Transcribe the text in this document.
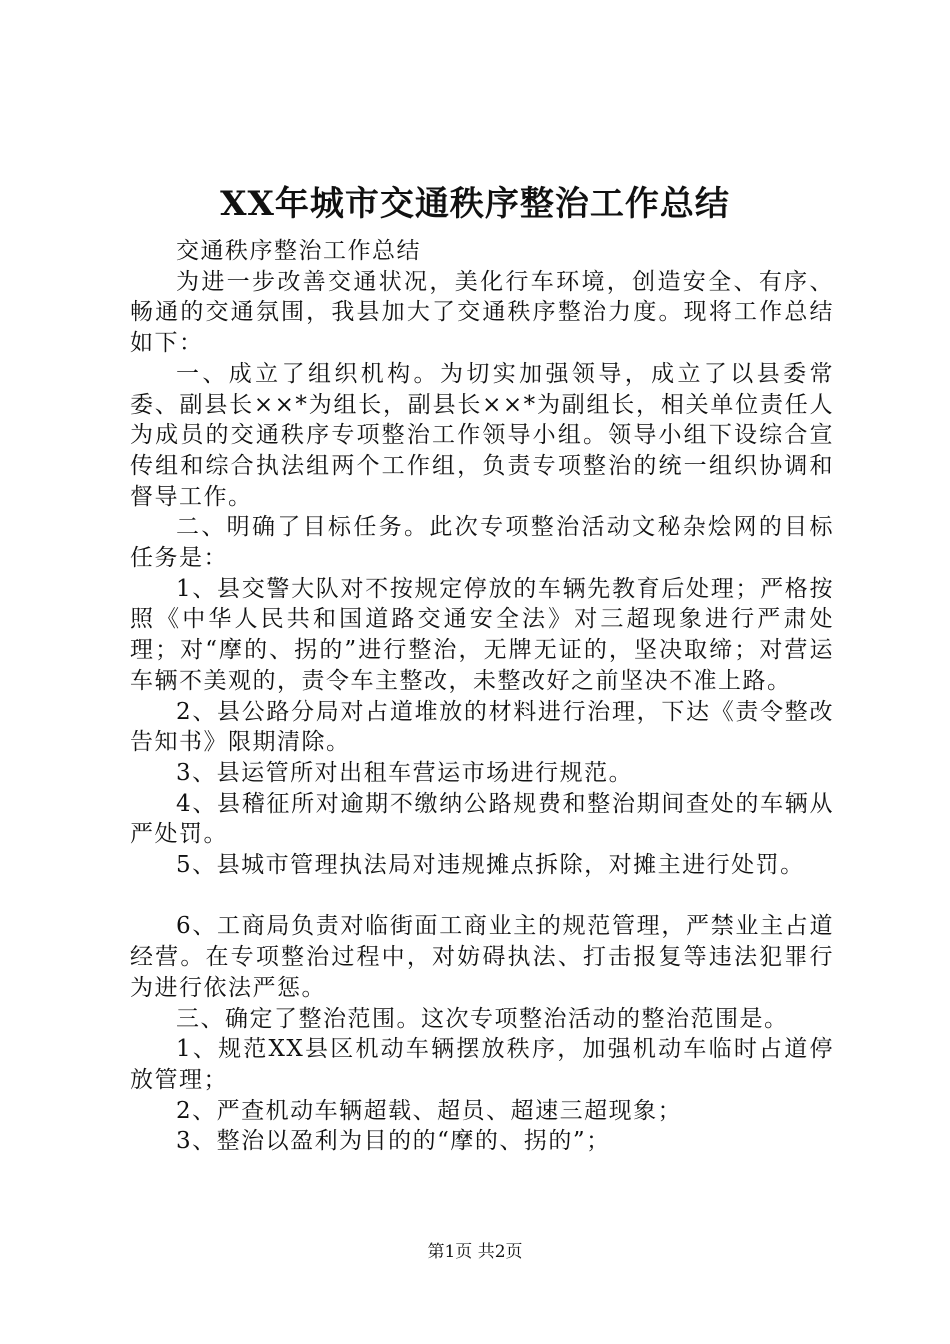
XX年城市交通秩序整治工作总结

交通秩序整治工作总结

为进一步改善交通状况，美化行车环境，创造安全、有序、畅通的交通氛围，我县加大了交通秩序整治力度。现将工作总结如下：

一、成立了组织机构。为切实加强领导，成立了以县委常委、副县长××*为组长，副县长××*为副组长，相关单位责任人为成员的交通秩序专项整治工作领导小组。领导小组下设综合宣传组和综合执法组两个工作组，负责专项整治的统一组织协调和督导工作。

二、明确了目标任务。此次专项整治活动文秘杂烩网的目标任务是：

1、县交警大队对不按规定停放的车辆先教育后处理；严格按照《中华人民共和国道路交通安全法》对三超现象进行严肃处理；对“摩的、拐的”进行整治，无牌无证的，坚决取缔；对营运车辆不美观的，责令车主整改，未整改好之前坚决不准上路。

2、县公路分局对占道堆放的材料进行治理，下达《责令整改告知书》限期清除。

3、县运管所对出租车营运市场进行规范。

4、县稽征所对逾期不缴纳公路规费和整治期间查处的车辆从严处罚。

5、县城市管理执法局对违规摊点拆除，对摊主进行处罚。

6、工商局负责对临街面工商业主的规范管理，严禁业主占道经营。在专项整治过程中，对妨碍执法、打击报复等违法犯罪行为进行依法严惩。

三、确定了整治范围。这次专项整治活动的整治范围是。

1、规范XX县区机动车辆摆放秩序，加强机动车临时占道停放管理；

2、严查机动车辆超载、超员、超速三超现象；

3、整治以盈利为目的的“摩的、拐的”；

第1页 共2页
